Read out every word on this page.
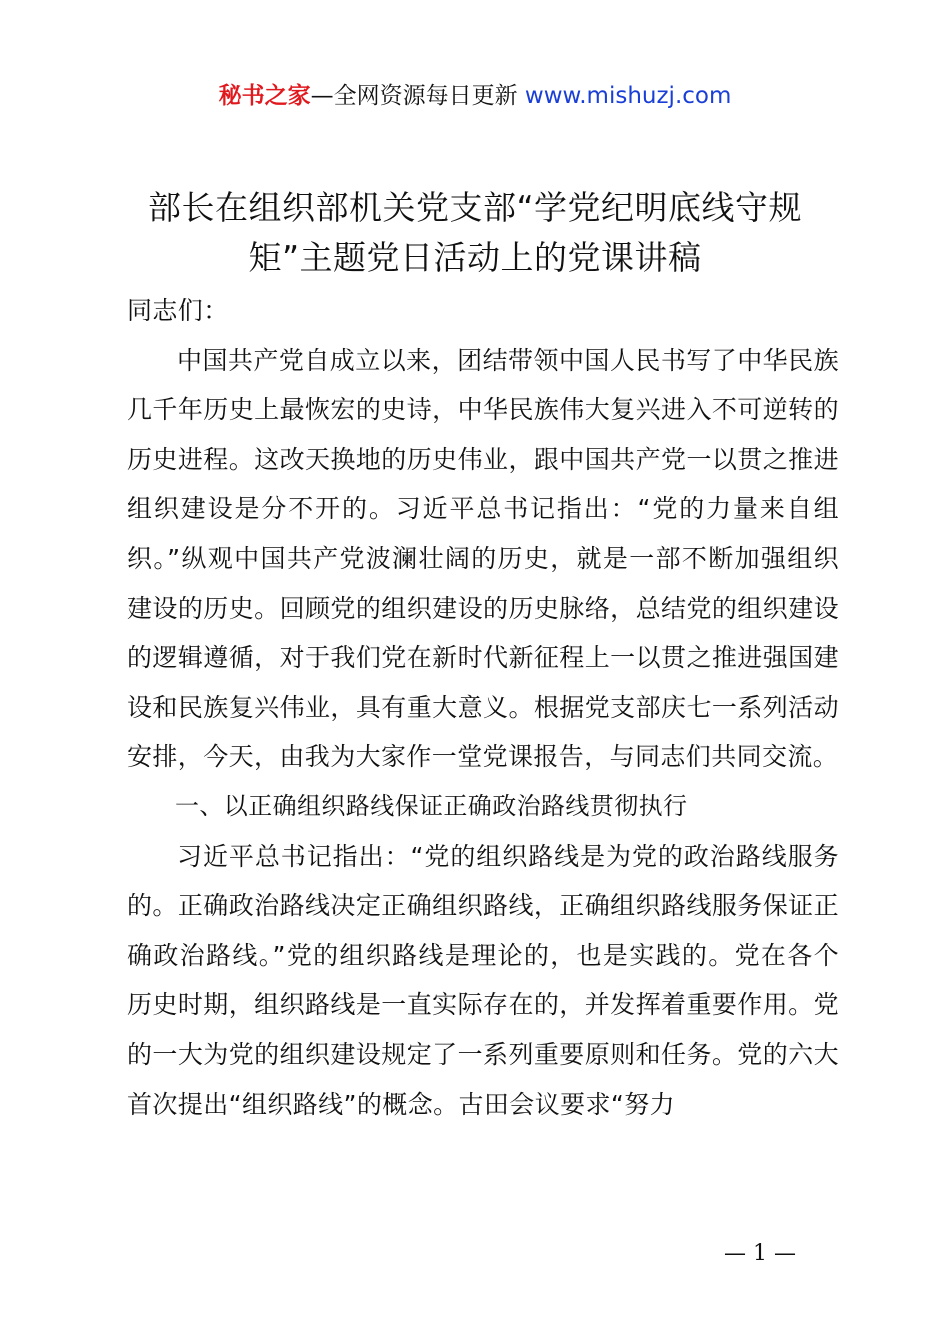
秘书之家—全网资源每日更新 www.mishuzj.com
部长在组织部机关党支部“学党纪明底线守规矩”主题党日活动上的党课讲稿

同志们：

中国共产党自成立以来，团结带领中国人民书写了中华民族几千年历史上最恢宏的史诗，中华民族伟大复兴进入不可逆转的历史进程。这改天换地的历史伟业，跟中国共产党一以贯之推进组织建设是分不开的。习近平总书记指出：“党的力量来自组织。”纵观中国共产党波澜壮阔的历史，就是一部不断加强组织建设的历史。回顾党的组织建设的历史脉络，总结党的组织建设的逻辑遵循，对于我们党在新时代新征程上一以贯之推进强国建设和民族复兴伟业，具有重大意义。根据党支部庆七一系列活动安排，今天，由我为大家作一堂党课报告，与同志们共同交流。

一、以正确组织路线保证正确政治路线贯彻执行

习近平总书记指出：“党的组织路线是为党的政治路线服务的。正确政治路线决定正确组织路线，正确组织路线服务保证正确政治路线。”党的组织路线是理论的，也是实践的。党在各个历史时期，组织路线是一直实际存在的，并发挥着重要作用。党的一大为党的组织建设规定了一系列重要原则和任务。党的六大首次提出“组织路线”的概念。古田会议要求“努力

— 1 —
